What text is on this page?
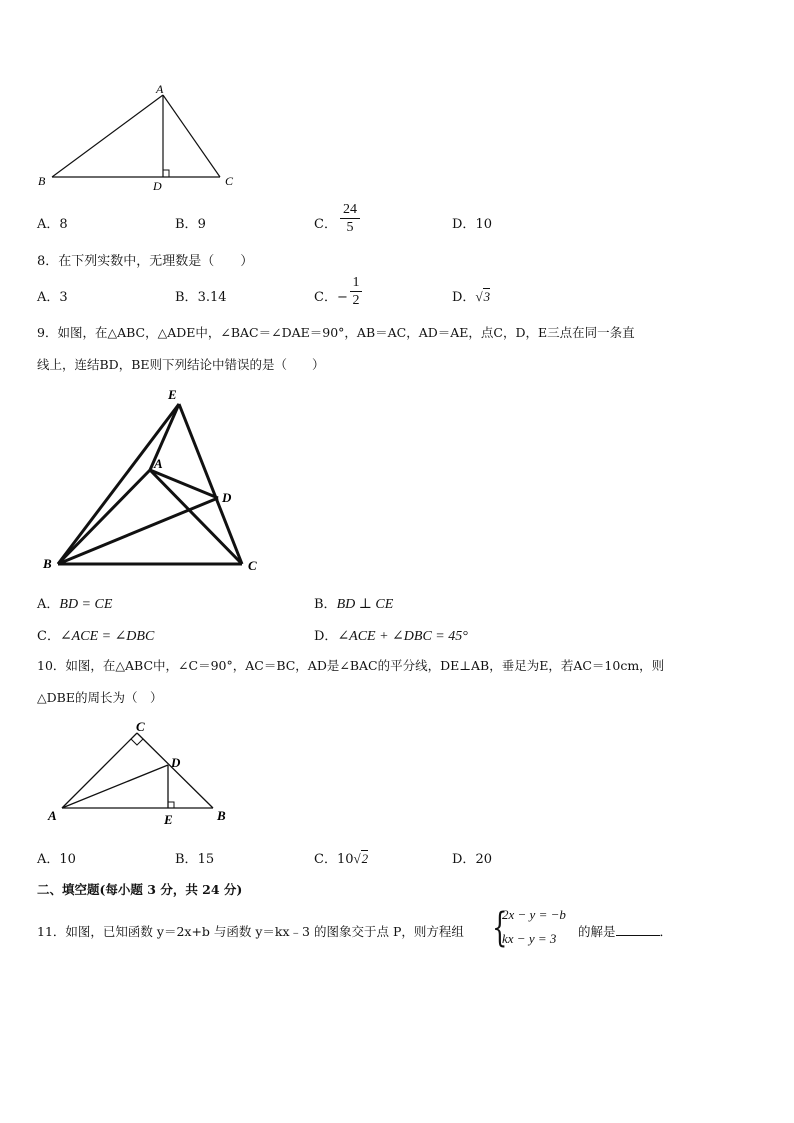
A
B	C
D
A．8	B．9	C．
24
5	D．10
8．在下列实数中，无理数是（　　）
A．3	B．3.14	C．−
1
2	D．√3
9．如图，在△ABC，△ADE中，∠BAC＝∠DAE＝90°，AB＝AC，AD＝AE，点C，D，E三点在同一条直
线上，连结BD，BE则下列结论中错误的是（　　）
E
A
D
B	C
A．BD = CE	B．BD ⊥ CE
C．∠ACE = ∠DBC	D．∠ACE + ∠DBC = 45°
10．如图，在△ABC中，∠C＝90°，AC＝BC，AD是∠BAC的平分线，DE⊥AB，垂足为E，若AC＝10cm，则
△DBE的周长为（　）
C
D
A	E	B
A．10	B．15	C．10√2	D．20
二、填空题(每小题 3 分，共 24 分)
11．如图，已知函数 y＝2x+b 与函数 y＝kx﹣3 的图象交于点 P，则方程组 {
2x − y = −b
kx − y = 3 的解是	．
